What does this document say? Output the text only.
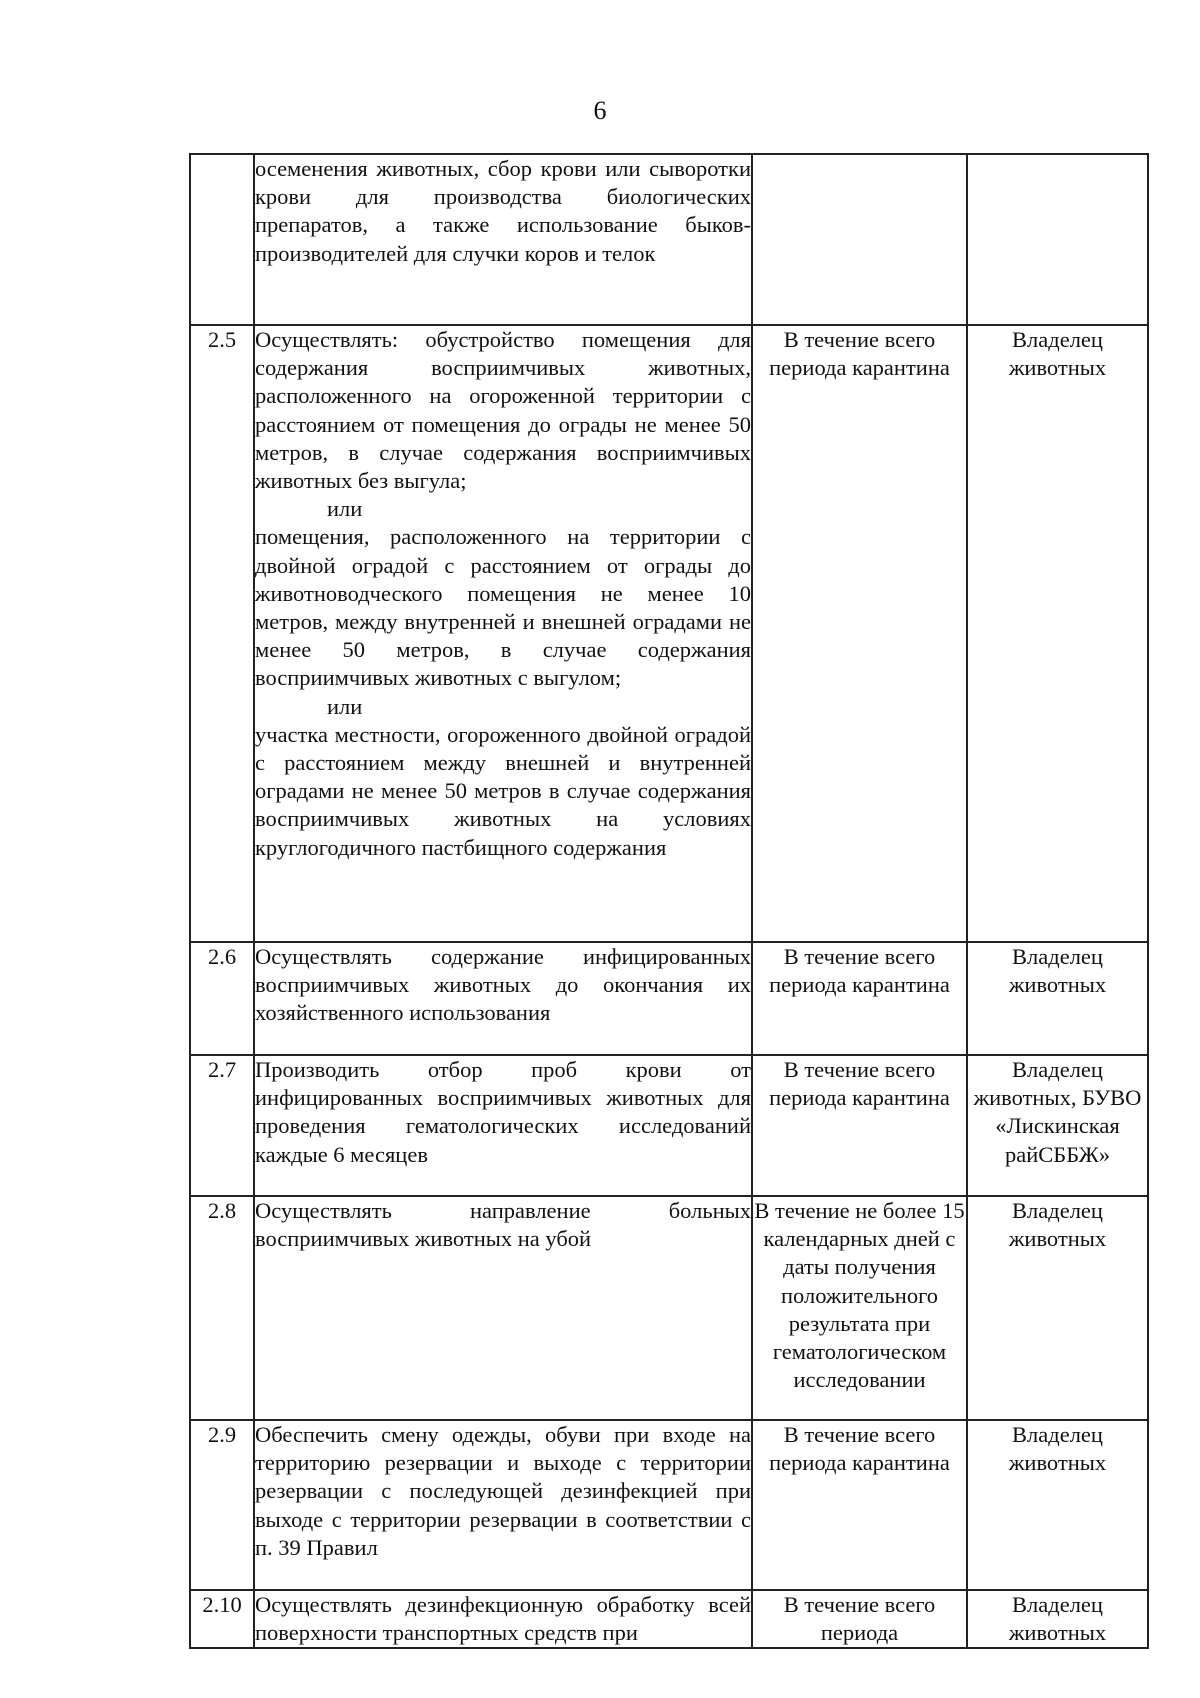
6

	осеменения животных, сбор крови или сыворотки крови для производства биологических препаратов, а также использование быков-производителей для случки коров и телок		

2.5	Осуществлять: обустройство помещения для содержания восприимчивых животных, расположенного на огороженной территории с расстоянием от помещения до ограды не менее 50 метров, в случае содержания восприимчивых животных без выгула;
или
помещения, расположенного на территории с двойной оградой с расстоянием от ограды до животноводческого помещения не менее 10 метров, между внутренней и внешней оградами не менее 50 метров, в случае содержания восприимчивых животных с выгулом;
или
участка местности, огороженного двойной оградой с расстоянием между внешней и внутренней оградами не менее 50 метров в случае содержания восприимчивых животных на условиях круглогодичного пастбищного содержания	В течение всего периода карантина	Владелец животных
2.6	Осуществлять содержание инфицированных восприимчивых животных до окончания их хозяйственного использования	В течение всего периода карантина	Владелец животных
2.7	Производить отбор проб крови от инфицированных восприимчивых животных для проведения гематологических исследований каждые 6 месяцев	В течение всего периода карантина	Владелец животных, БУВО «Лискинская райСББЖ»
2.8	Осуществлять направление больных восприимчивых животных на убой	В течение не более 15 календарных дней с даты получения положительного результата при гематологическом исследовании	Владелец животных
2.9	Обеспечить смену одежды, обуви при входе на территорию резервации и выходе с территории резервации с последующей дезинфекцией при выходе с территории резервации в соответствии с п. 39 Правил	В течение всего периода карантина	Владелец животных
2.10	Осуществлять дезинфекционную обработку всей поверхности транспортных средств при	В течение всего периода	Владелец животных
